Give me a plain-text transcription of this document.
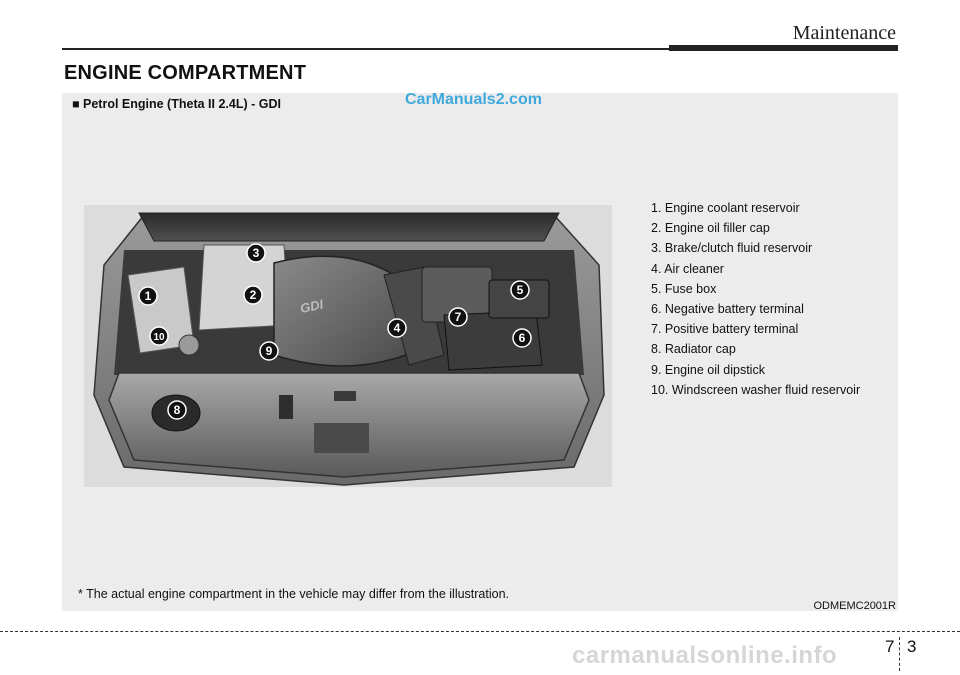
Maintenance
ENGINE COMPARTMENT
■ Petrol Engine (Theta II 2.4L) - GDI	CarManuals2.com
GDI
1	2
3
4
5
6
7
8
9
10
1. Engine coolant reservoir
2. Engine oil filler cap
3. Brake/clutch fluid reservoir
4. Air cleaner
5. Fuse box
6. Negative battery terminal
7. Positive battery terminal
8. Radiator cap
9. Engine oil dipstick
10. Windscreen washer fluid reservoir
* The actual engine compartment in the vehicle may differ from the illustration.
ODMEMC2001R
7 3
carmanualsonline.info
